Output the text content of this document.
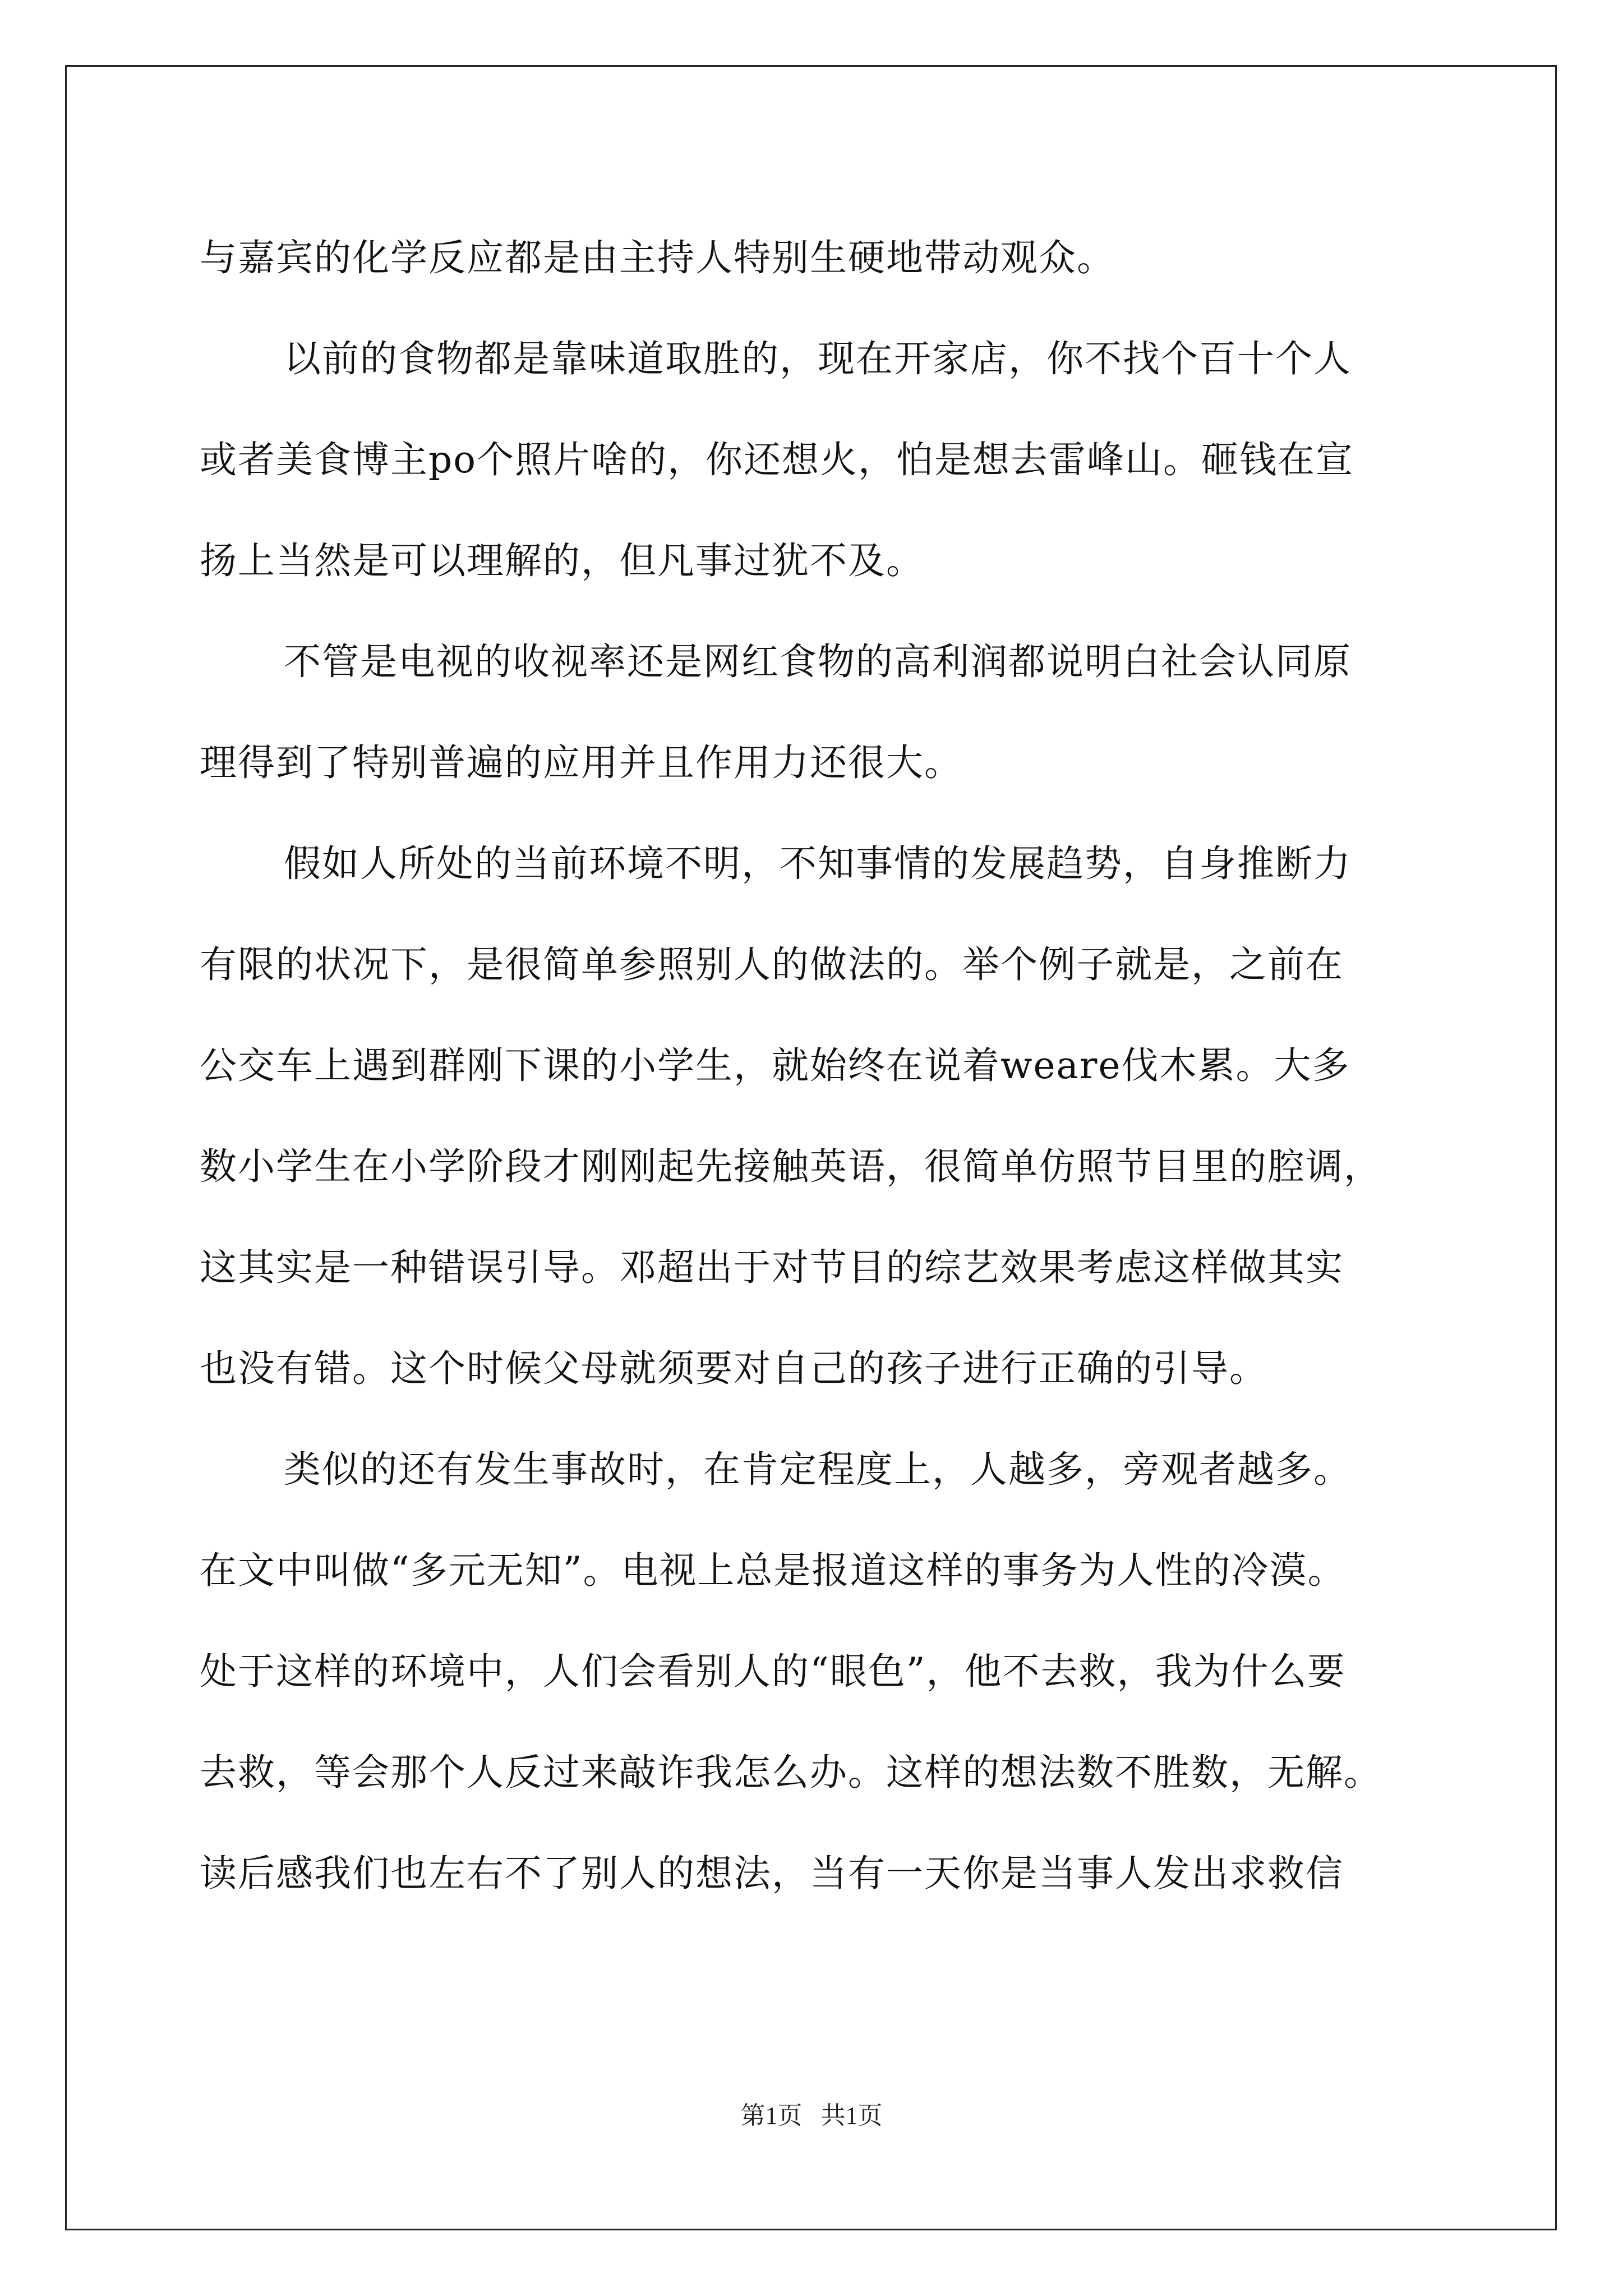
与嘉宾的化学反应都是由主持人特别生硬地带动观众。
以前的食物都是靠味道取胜的，现在开家店，你不找个百十个人
或者美食博主po个照片啥的，你还想火，怕是想去雷峰山。砸钱在宣
扬上当然是可以理解的，但凡事过犹不及。
不管是电视的收视率还是网红食物的高利润都说明白社会认同原
理得到了特别普遍的应用并且作用力还很大。
假如人所处的当前环境不明，不知事情的发展趋势，自身推断力
有限的状况下，是很简单参照别人的做法的。举个例子就是，之前在
公交车上遇到群刚下课的小学生，就始终在说着weare伐木累。大多
数小学生在小学阶段才刚刚起先接触英语，很简单仿照节目里的腔调，
这其实是一种错误引导。邓超出于对节目的综艺效果考虑这样做其实
也没有错。这个时候父母就须要对自己的孩子进行正确的引导。
类似的还有发生事故时，在肯定程度上，人越多，旁观者越多。
在文中叫做“多元无知”。电视上总是报道这样的事务为人性的冷漠。
处于这样的环境中，人们会看别人的“眼色”，他不去救，我为什么要
去救，等会那个人反过来敲诈我怎么办。这样的想法数不胜数，无解。
读后感我们也左右不了别人的想法，当有一天你是当事人发出求救信
第1页   共1页
